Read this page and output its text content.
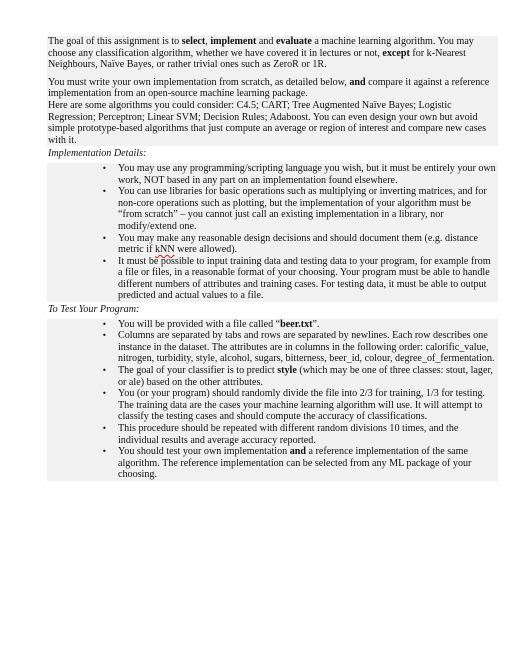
The goal of this assignment is to select, implement and evaluate a machine learning algorithm. You may choose any classification algorithm, whether we have covered it in lectures or not, except for k-Nearest Neighbours, Naïve Bayes, or rather trivial ones such as ZeroR or 1R.

You must write your own implementation from scratch, as detailed below, and compare it against a reference implementation from an open-source machine learning package.

Here are some algorithms you could consider: C4.5; CART; Tree Augmented Naïve Bayes; Logistic Regression; Perceptron; Linear SVM; Decision Rules; Adaboost. You can even design your own but avoid simple prototype-based algorithms that just compute an average or region of interest and compare new cases with it.

Implementation Details:

• You may use any programming/scripting language you wish, but it must be entirely your own work, NOT based in any part on an implementation found elsewhere.
• You can use libraries for basic operations such as multiplying or inverting matrices, and for non-core operations such as plotting, but the implementation of your algorithm must be “from scratch” – you cannot just call an existing implementation in a library, nor modify/extend one.
• You may make any reasonable design decisions and should document them (e.g. distance metric if kNN were allowed).
• It must be possible to input training data and testing data to your program, for example from a file or files, in a reasonable format of your choosing. Your program must be able to handle different numbers of attributes and training cases. For testing data, it must be able to output predicted and actual values to a file.

To Test Your Program:

• You will be provided with a file called “beer.txt”.
• Columns are separated by tabs and rows are separated by newlines. Each row describes one instance in the dataset. The attributes are in columns in the following order: calorific_value, nitrogen, turbidity, style, alcohol, sugars, bitterness, beer_id, colour, degree_of_fermentation.
• The goal of your classifier is to predict style (which may be one of three classes: stout, lager, or ale) based on the other attributes.
• You (or your program) should randomly divide the file into 2/3 for training, 1/3 for testing. The training data are the cases your machine learning algorithm will use. It will attempt to classify the testing cases and should compute the accuracy of classifications.
• This procedure should be repeated with different random divisions 10 times, and the individual results and average accuracy reported.
• You should test your own implementation and a reference implementation of the same algorithm. The reference implementation can be selected from any ML package of your choosing.
